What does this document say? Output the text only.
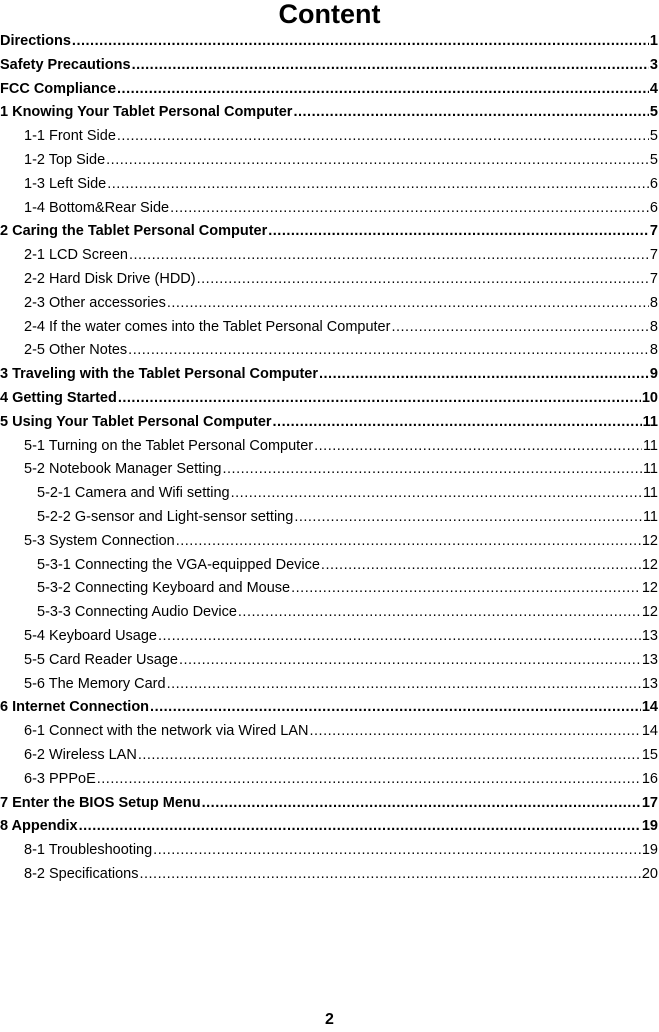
Content
Directions .....	1
Safety Precautions .....	3
FCC Compliance .....	4
1 Knowing Your Tablet Personal Computer .....	5
1-1 Front Side .....	5
1-2 Top Side .....	5
1-3 Left Side .....	6
1-4 Bottom&Rear Side .....	6
2 Caring the Tablet Personal Computer .....	7
2-1 LCD Screen .....	7
2-2 Hard Disk Drive (HDD) .....	7
2-3 Other accessories .....	8
2-4 If the water comes into the Tablet Personal Computer .....	8
2-5 Other Notes .....	8
3 Traveling with the Tablet Personal Computer .....	9
4 Getting Started .....	10
5 Using Your Tablet Personal Computer .....	11
5-1 Turning on the Tablet Personal Computer .....	11
5-2 Notebook Manager Setting .....	11
5-2-1 Camera and Wifi setting .....	11
5-2-2 G-sensor and Light-sensor setting .....	11
5-3 System Connection .....	12
5-3-1 Connecting the VGA-equipped Device .....	12
5-3-2 Connecting Keyboard and Mouse .....	12
5-3-3 Connecting Audio Device .....	12
5-4 Keyboard Usage .....	13
5-5 Card Reader Usage .....	13
5-6 The Memory Card .....	13
6 Internet Connection .....	14
6-1 Connect with the network via Wired LAN .....	14
6-2 Wireless LAN .....	15
6-3 PPPoE .....	16
7 Enter the BIOS Setup Menu .....	17
8 Appendix .....	19
8-1 Troubleshooting .....	19
8-2 Specifications .....	20
2
